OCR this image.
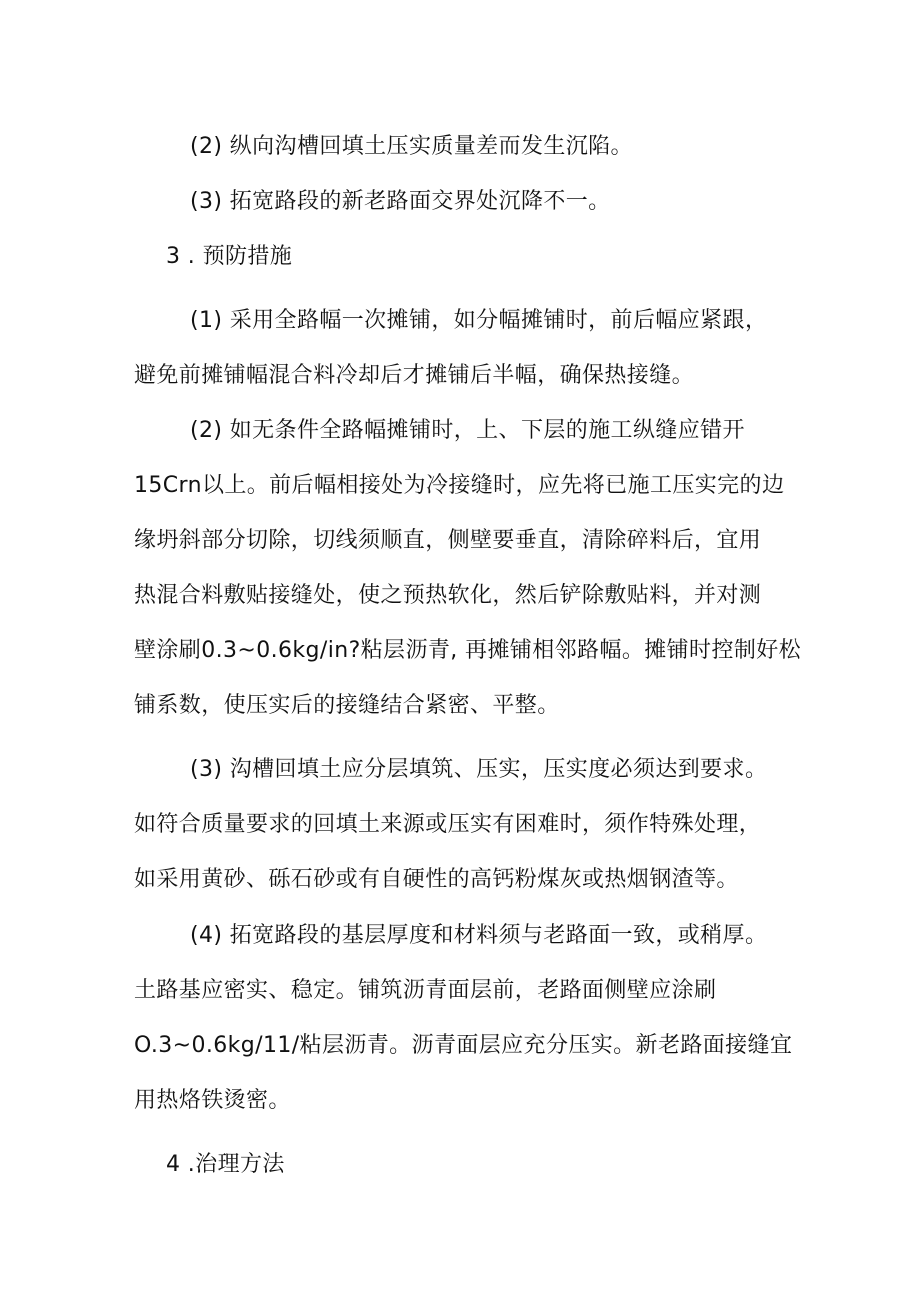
(2) 纵向沟槽回填土压实质量差而发生沉陷。
(3) 拓宽路段的新老路面交界处沉降不一。
3 . 预防措施
(1) 采用全路幅一次摊铺，如分幅摊铺时，前后幅应紧跟，
避免前摊铺幅混合料冷却后才摊铺后半幅，确保热接缝。
(2) 如无条件全路幅摊铺时，上、下层的施工纵缝应错开
15Crn以上。前后幅相接处为冷接缝时，应先将已施工压实完的边
缘坍斜部分切除，切线须顺直，侧壁要垂直，清除碎料后，宜用
热混合料敷贴接缝处，使之预热软化，然后铲除敷贴料，并对测
壁涂刷0.3~0.6kg/in?粘层沥青, 再摊铺相邻路幅。摊铺时控制好松
铺系数，使压实后的接缝结合紧密、平整。
(3) 沟槽回填土应分层填筑、压实，压实度必须达到要求。
如符合质量要求的回填土来源或压实有困难时，须作特殊处理，
如采用黄砂、砾石砂或有自硬性的高钙粉煤灰或热烟钢渣等。
(4) 拓宽路段的基层厚度和材料须与老路面一致，或稍厚。
土路基应密实、稳定。铺筑沥青面层前，老路面侧壁应涂刷
O.3~0.6kg/11/粘层沥青。沥青面层应充分压实。新老路面接缝宜
用热烙铁烫密。
4 .治理方法
